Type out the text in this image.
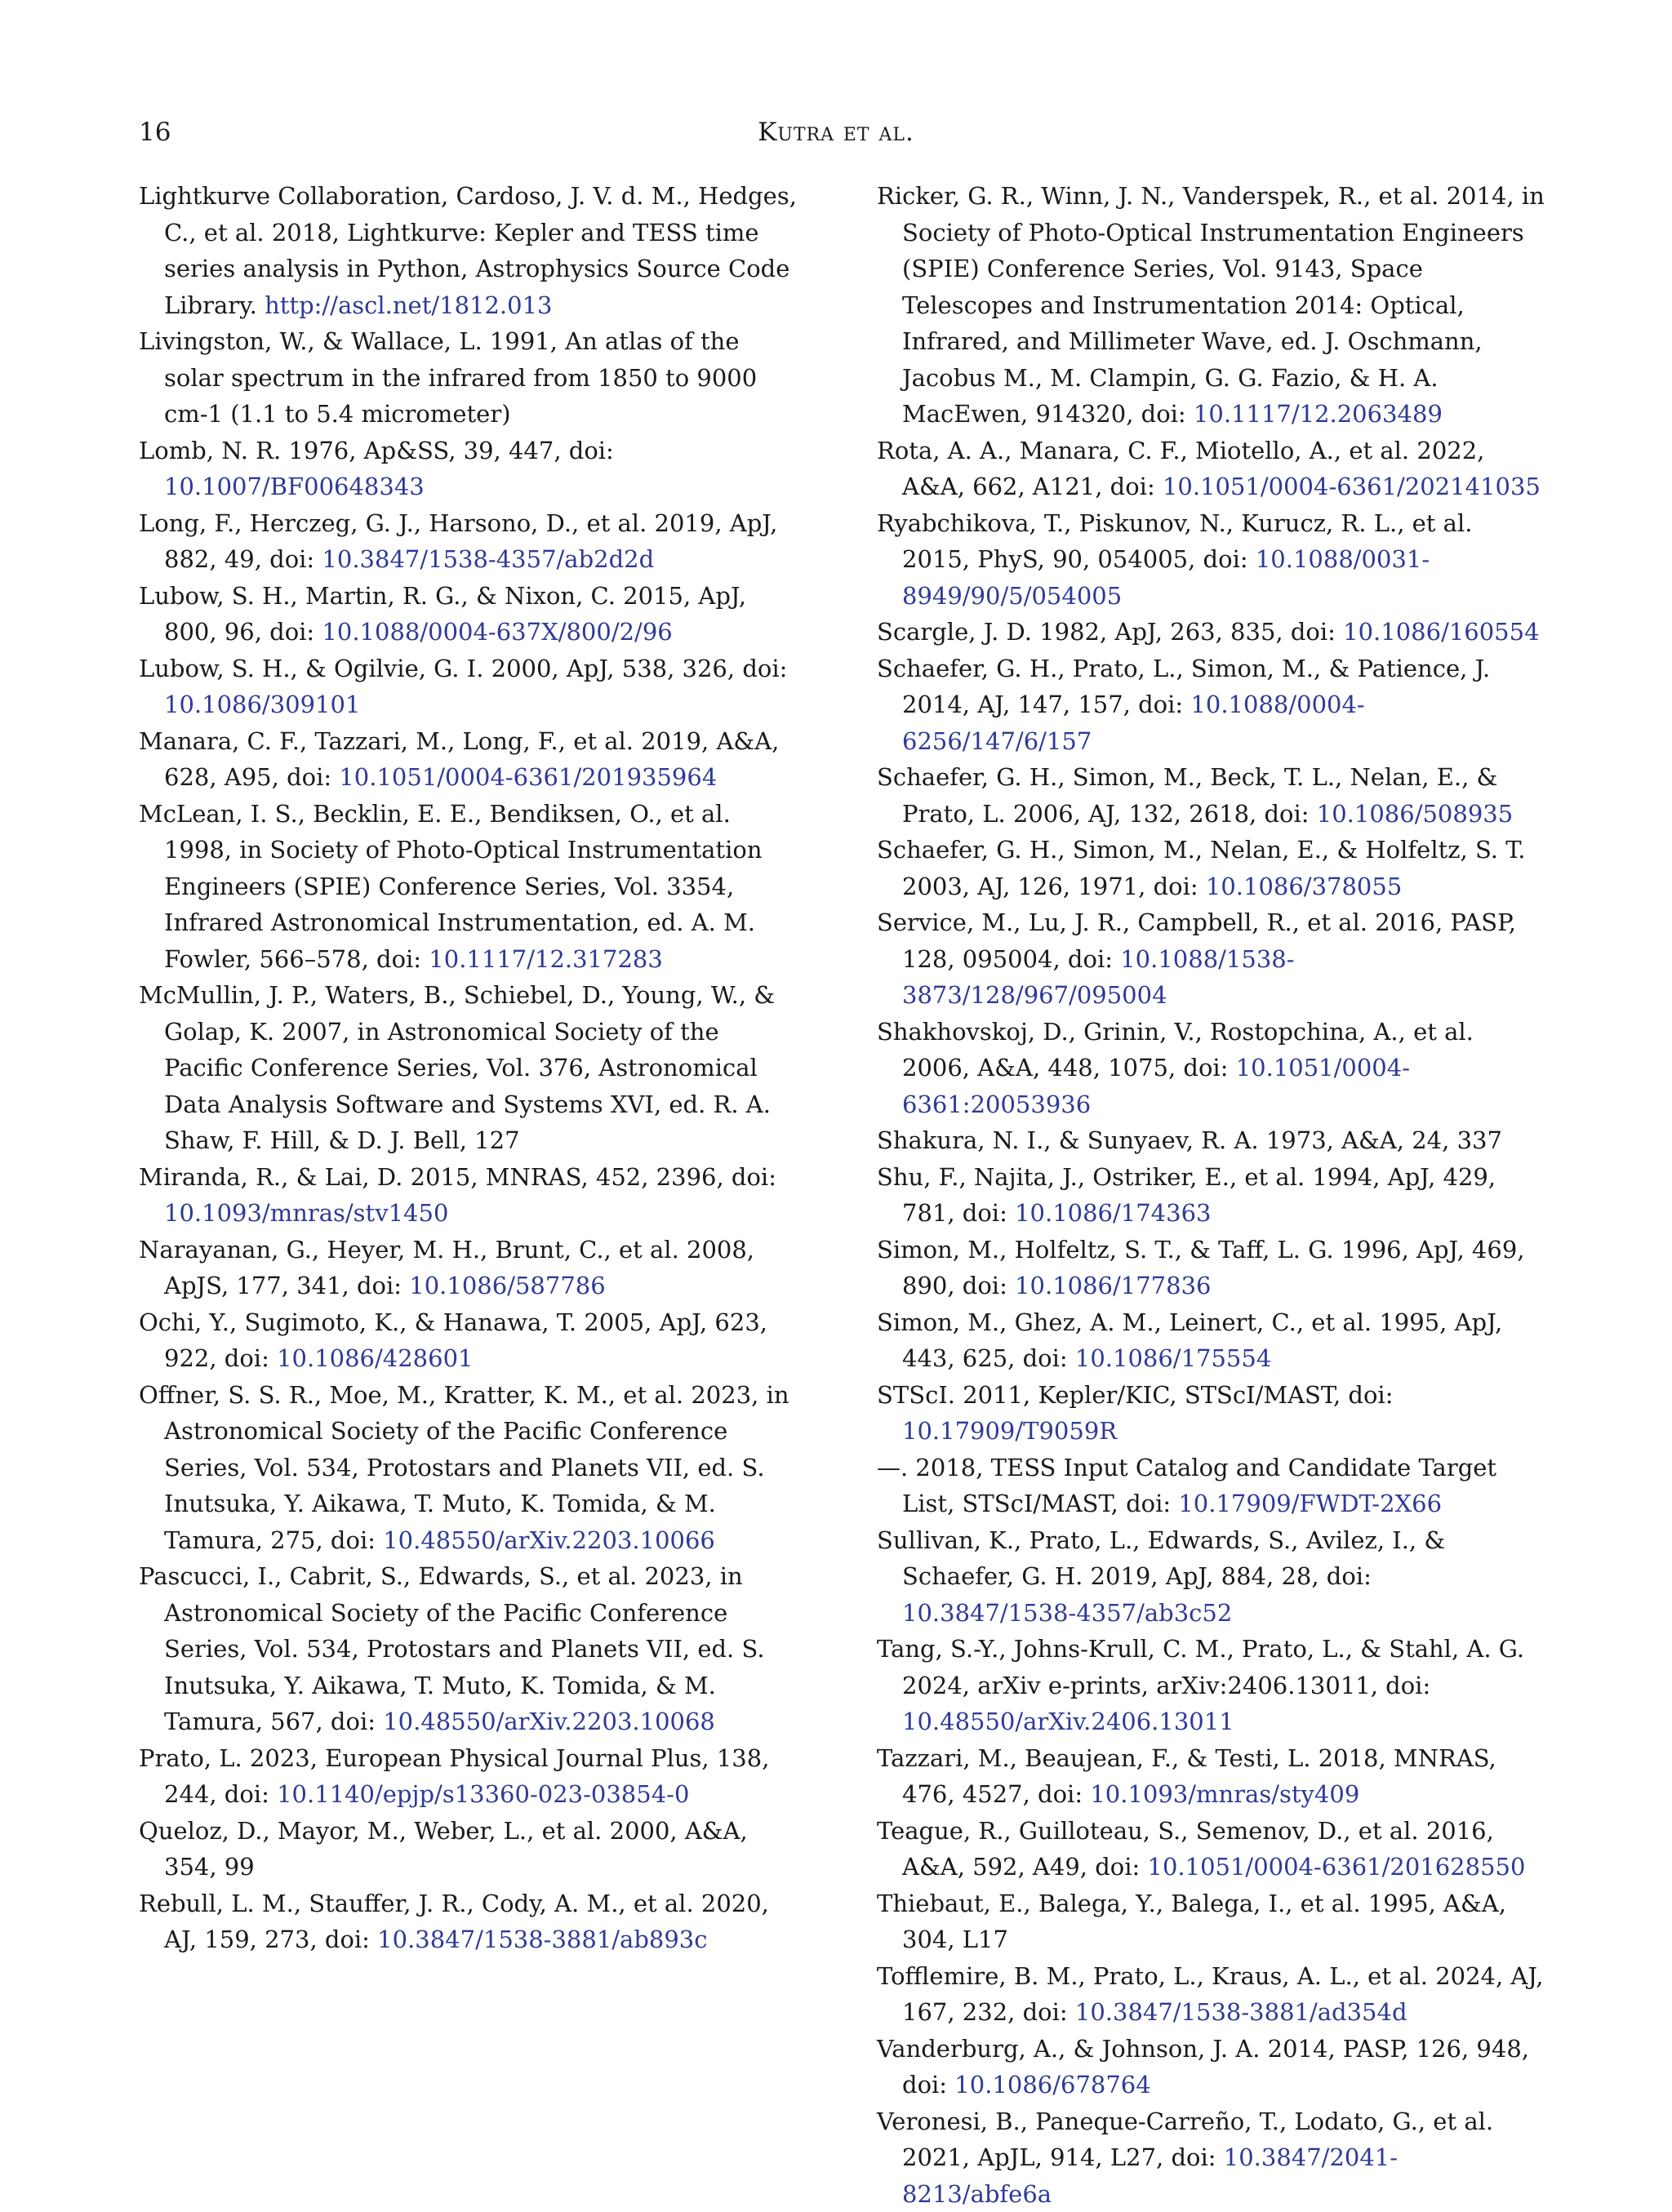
16	Kutra et al.

Lightkurve Collaboration, Cardoso, J. V. d. M., Hedges, C., et al. 2018, Lightkurve: Kepler and TESS time series analysis in Python, Astrophysics Source Code Library. http://ascl.net/1812.013

Livingston, W., & Wallace, L. 1991, An atlas of the solar spectrum in the infrared from 1850 to 9000 cm-1 (1.1 to 5.4 micrometer)

Lomb, N. R. 1976, Ap&SS, 39, 447, doi: 10.1007/BF00648343

Long, F., Herczeg, G. J., Harsono, D., et al. 2019, ApJ, 882, 49, doi: 10.3847/1538-4357/ab2d2d

Lubow, S. H., Martin, R. G., & Nixon, C. 2015, ApJ, 800, 96, doi: 10.1088/0004-637X/800/2/96

Lubow, S. H., & Ogilvie, G. I. 2000, ApJ, 538, 326, doi: 10.1086/309101

Manara, C. F., Tazzari, M., Long, F., et al. 2019, A&A, 628, A95, doi: 10.1051/0004-6361/201935964

McLean, I. S., Becklin, E. E., Bendiksen, O., et al. 1998, in Society of Photo-Optical Instrumentation Engineers (SPIE) Conference Series, Vol. 3354, Infrared Astronomical Instrumentation, ed. A. M. Fowler, 566–578, doi: 10.1117/12.317283

McMullin, J. P., Waters, B., Schiebel, D., Young, W., & Golap, K. 2007, in Astronomical Society of the Pacific Conference Series, Vol. 376, Astronomical Data Analysis Software and Systems XVI, ed. R. A. Shaw, F. Hill, & D. J. Bell, 127

Miranda, R., & Lai, D. 2015, MNRAS, 452, 2396, doi: 10.1093/mnras/stv1450

Narayanan, G., Heyer, M. H., Brunt, C., et al. 2008, ApJS, 177, 341, doi: 10.1086/587786

Ochi, Y., Sugimoto, K., & Hanawa, T. 2005, ApJ, 623, 922, doi: 10.1086/428601

Offner, S. S. R., Moe, M., Kratter, K. M., et al. 2023, in Astronomical Society of the Pacific Conference Series, Vol. 534, Protostars and Planets VII, ed. S. Inutsuka, Y. Aikawa, T. Muto, K. Tomida, & M. Tamura, 275, doi: 10.48550/arXiv.2203.10066

Pascucci, I., Cabrit, S., Edwards, S., et al. 2023, in Astronomical Society of the Pacific Conference Series, Vol. 534, Protostars and Planets VII, ed. S. Inutsuka, Y. Aikawa, T. Muto, K. Tomida, & M. Tamura, 567, doi: 10.48550/arXiv.2203.10068

Prato, L. 2023, European Physical Journal Plus, 138, 244, doi: 10.1140/epjp/s13360-023-03854-0

Queloz, D., Mayor, M., Weber, L., et al. 2000, A&A, 354, 99

Rebull, L. M., Stauffer, J. R., Cody, A. M., et al. 2020, AJ, 159, 273, doi: 10.3847/1538-3881/ab893c

Ricker, G. R., Winn, J. N., Vanderspek, R., et al. 2014, in Society of Photo-Optical Instrumentation Engineers (SPIE) Conference Series, Vol. 9143, Space Telescopes and Instrumentation 2014: Optical, Infrared, and Millimeter Wave, ed. J. Oschmann, Jacobus M., M. Clampin, G. G. Fazio, & H. A. MacEwen, 914320, doi: 10.1117/12.2063489

Rota, A. A., Manara, C. F., Miotello, A., et al. 2022, A&A, 662, A121, doi: 10.1051/0004-6361/202141035

Ryabchikova, T., Piskunov, N., Kurucz, R. L., et al. 2015, PhyS, 90, 054005, doi: 10.1088/0031-8949/90/5/054005

Scargle, J. D. 1982, ApJ, 263, 835, doi: 10.1086/160554

Schaefer, G. H., Prato, L., Simon, M., & Patience, J. 2014, AJ, 147, 157, doi: 10.1088/0004-6256/147/6/157

Schaefer, G. H., Simon, M., Beck, T. L., Nelan, E., & Prato, L. 2006, AJ, 132, 2618, doi: 10.1086/508935

Schaefer, G. H., Simon, M., Nelan, E., & Holfeltz, S. T. 2003, AJ, 126, 1971, doi: 10.1086/378055

Service, M., Lu, J. R., Campbell, R., et al. 2016, PASP, 128, 095004, doi: 10.1088/1538-3873/128/967/095004

Shakhovskoj, D., Grinin, V., Rostopchina, A., et al. 2006, A&A, 448, 1075, doi: 10.1051/0004-6361:20053936

Shakura, N. I., & Sunyaev, R. A. 1973, A&A, 24, 337

Shu, F., Najita, J., Ostriker, E., et al. 1994, ApJ, 429, 781, doi: 10.1086/174363

Simon, M., Holfeltz, S. T., & Taff, L. G. 1996, ApJ, 469, 890, doi: 10.1086/177836

Simon, M., Ghez, A. M., Leinert, C., et al. 1995, ApJ, 443, 625, doi: 10.1086/175554

STScI. 2011, Kepler/KIC, STScI/MAST, doi: 10.17909/T9059R

—. 2018, TESS Input Catalog and Candidate Target List, STScI/MAST, doi: 10.17909/FWDT-2X66

Sullivan, K., Prato, L., Edwards, S., Avilez, I., & Schaefer, G. H. 2019, ApJ, 884, 28, doi: 10.3847/1538-4357/ab3c52

Tang, S.-Y., Johns-Krull, C. M., Prato, L., & Stahl, A. G. 2024, arXiv e-prints, arXiv:2406.13011, doi: 10.48550/arXiv.2406.13011

Tazzari, M., Beaujean, F., & Testi, L. 2018, MNRAS, 476, 4527, doi: 10.1093/mnras/sty409

Teague, R., Guilloteau, S., Semenov, D., et al. 2016, A&A, 592, A49, doi: 10.1051/0004-6361/201628550

Thiebaut, E., Balega, Y., Balega, I., et al. 1995, A&A, 304, L17

Tofflemire, B. M., Prato, L., Kraus, A. L., et al. 2024, AJ, 167, 232, doi: 10.3847/1538-3881/ad354d

Vanderburg, A., & Johnson, J. A. 2014, PASP, 126, 948, doi: 10.1086/678764

Veronesi, B., Paneque-Carreño, T., Lodato, G., et al. 2021, ApJL, 914, L27, doi: 10.3847/2041-8213/abfe6a
